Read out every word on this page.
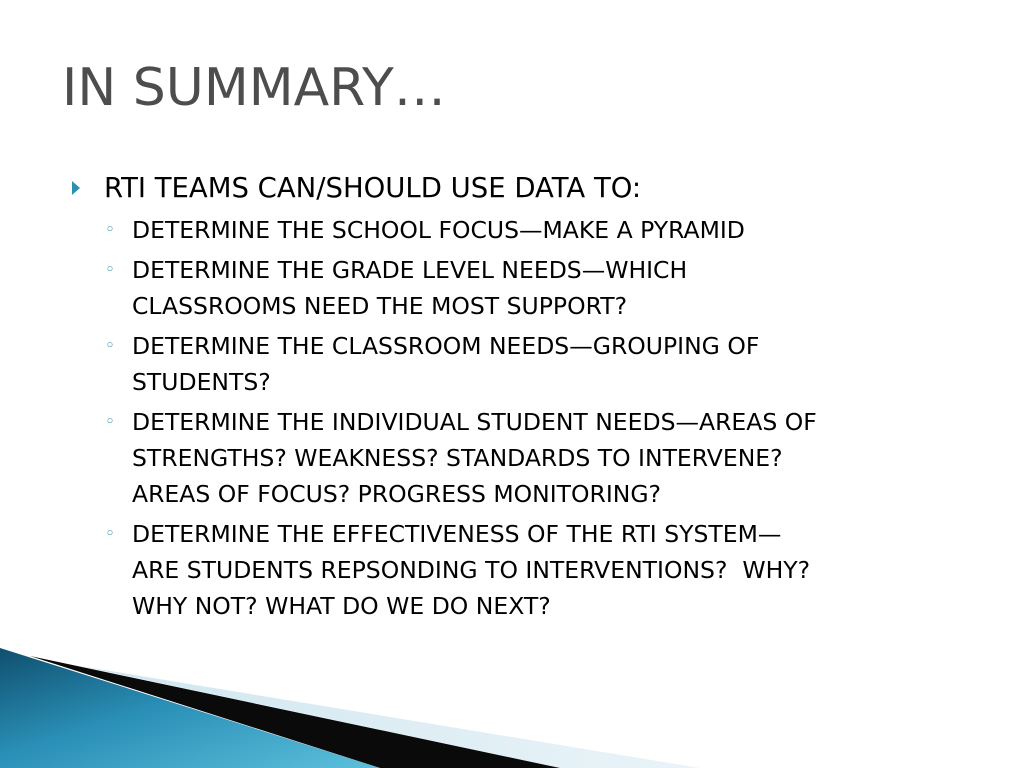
IN SUMMARY…
RTI TEAMS CAN/SHOULD USE DATA TO:
◦ DETERMINE THE SCHOOL FOCUS—MAKE A PYRAMID
◦ DETERMINE THE GRADE LEVEL NEEDS—WHICH
CLASSROOMS NEED THE MOST SUPPORT?
◦ DETERMINE THE CLASSROOM NEEDS—GROUPING OF
STUDENTS?
◦ DETERMINE THE INDIVIDUAL STUDENT NEEDS—AREAS OF
STRENGTHS? WEAKNESS? STANDARDS TO INTERVENE?
AREAS OF FOCUS? PROGRESS MONITORING?
◦ DETERMINE THE EFFECTIVENESS OF THE RTI SYSTEM—
ARE STUDENTS REPSONDING TO INTERVENTIONS?  WHY?
WHY NOT? WHAT DO WE DO NEXT?
